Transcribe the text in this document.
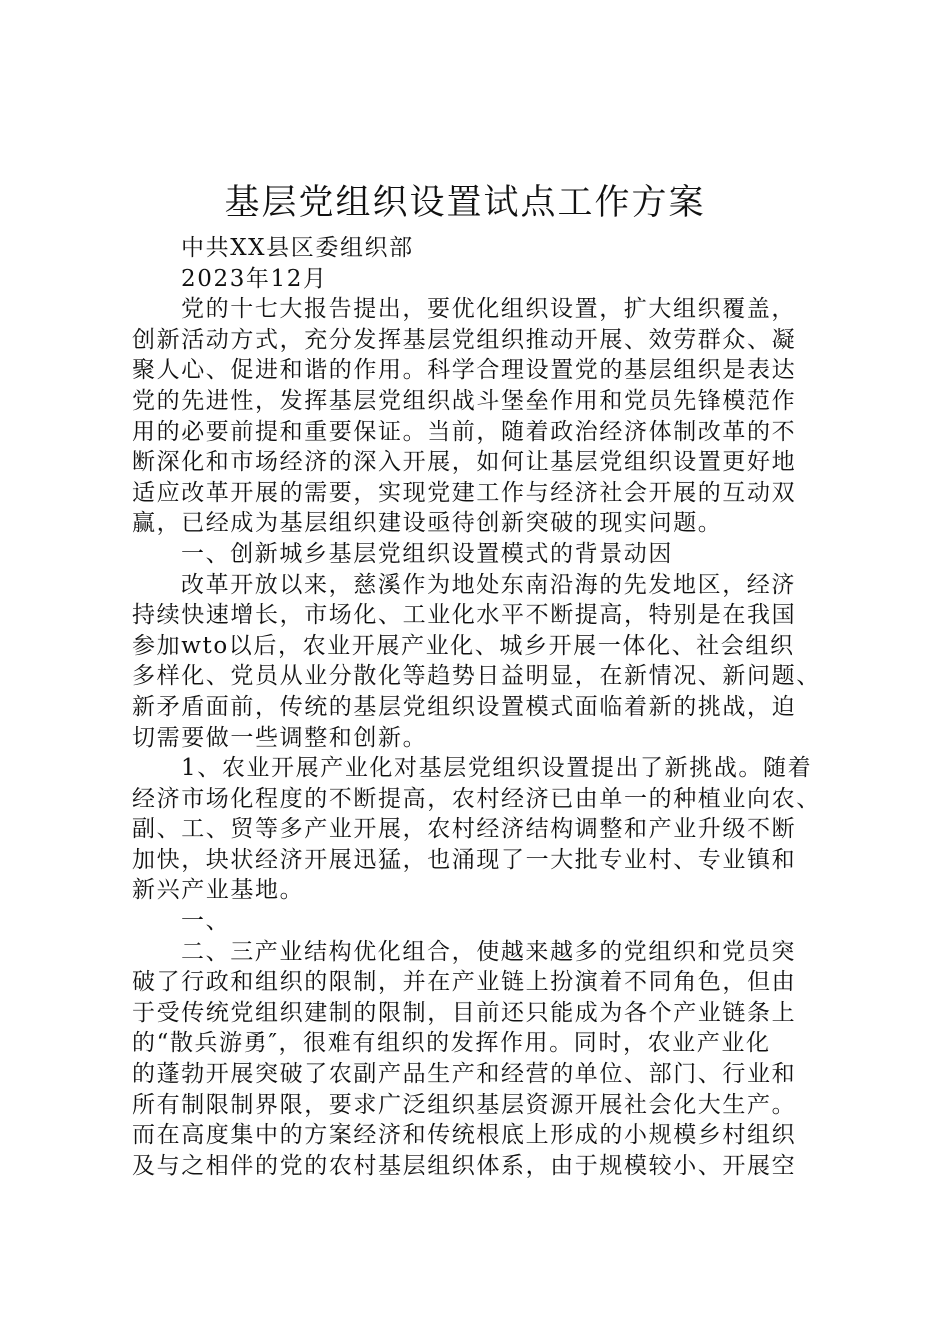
基层党组织设置试点工作方案
中共XX县区委组织部
2023年12月
党的十七大报告提出，要优化组织设置，扩大组织覆盖，
创新活动方式，充分发挥基层党组织推动开展、效劳群众、凝
聚人心、促进和谐的作用。科学合理设置党的基层组织是表达
党的先进性，发挥基层党组织战斗堡垒作用和党员先锋模范作
用的必要前提和重要保证。当前，随着政治经济体制改革的不
断深化和市场经济的深入开展，如何让基层党组织设置更好地
适应改革开展的需要，实现党建工作与经济社会开展的互动双
赢，已经成为基层组织建设亟待创新突破的现实问题。
一、创新城乡基层党组织设置模式的背景动因
改革开放以来，慈溪作为地处东南沿海的先发地区，经济
持续快速增长，市场化、工业化水平不断提高，特别是在我国
参加wto以后，农业开展产业化、城乡开展一体化、社会组织
多样化、党员从业分散化等趋势日益明显，在新情况、新问题、
新矛盾面前，传统的基层党组织设置模式面临着新的挑战，迫
切需要做一些调整和创新。
1、农业开展产业化对基层党组织设置提出了新挑战。随着
经济市场化程度的不断提高，农村经济已由单一的种植业向农、
副、工、贸等多产业开展，农村经济结构调整和产业升级不断
加快，块状经济开展迅猛，也涌现了一大批专业村、专业镇和
新兴产业基地。
一、
二、三产业结构优化组合，使越来越多的党组织和党员突
破了行政和组织的限制，并在产业链上扮演着不同角色，但由
于受传统党组织建制的限制，目前还只能成为各个产业链条上
的“散兵游勇″，很难有组织的发挥作用。同时，农业产业化
的蓬勃开展突破了农副产品生产和经营的单位、部门、行业和
所有制限制界限，要求广泛组织基层资源开展社会化大生产。
而在高度集中的方案经济和传统根底上形成的小规模乡村组织
及与之相伴的党的农村基层组织体系，由于规模较小、开展空
